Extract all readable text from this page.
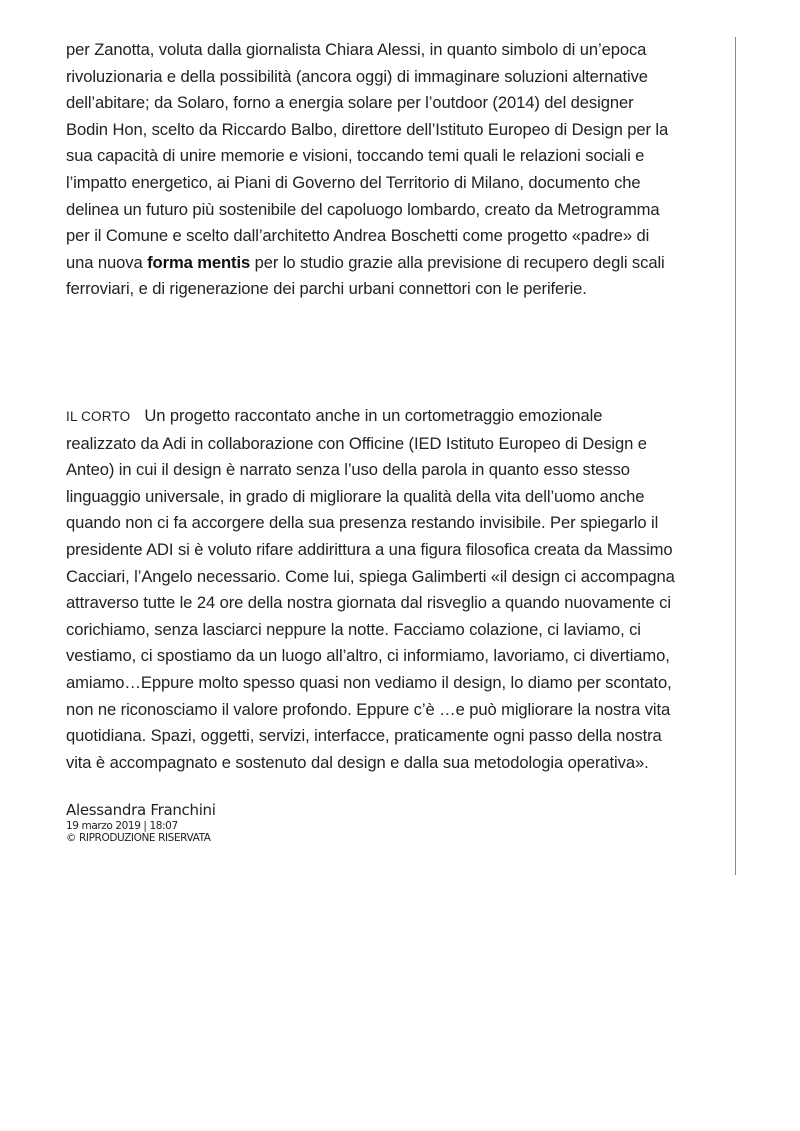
per Zanotta, voluta dalla giornalista Chiara Alessi, in quanto simbolo di un’epoca
rivoluzionaria e della possibilità (ancora oggi) di immaginare soluzioni alternative
dell’abitare; da Solaro, forno a energia solare per l’outdoor (2014) del designer
Bodin Hon, scelto da Riccardo Balbo, direttore dell’Istituto Europeo di Design per la
sua capacità di unire memorie e visioni, toccando temi quali le relazioni sociali e
l’impatto energetico, ai Piani di Governo del Territorio di Milano, documento che
delinea un futuro più sostenibile del capoluogo lombardo, creato da Metrogramma
per il Comune e scelto dall’architetto Andrea Boschetti come progetto «padre» di
una nuova forma mentis per lo studio grazie alla previsione di recupero degli scali
ferroviari, e di rigenerazione dei parchi urbani connettori con le periferie.
IL CORTO Un progetto raccontato anche in un cortometraggio emozionale
realizzato da Adi in collaborazione con Officine (IED Istituto Europeo di Design e
Anteo) in cui il design è narrato senza l’uso della parola in quanto esso stesso
linguaggio universale, in grado di migliorare la qualità della vita dell’uomo anche
quando non ci fa accorgere della sua presenza restando invisibile. Per spiegarlo il
presidente ADI si è voluto rifare addirittura a una figura filosofica creata da Massimo
Cacciari, l’Angelo necessario. Come lui, spiega Galimberti «il design ci accompagna
attraverso tutte le 24 ore della nostra giornata dal risveglio a quando nuovamente ci
corichiamo, senza lasciarci neppure la notte. Facciamo colazione, ci laviamo, ci
vestiamo, ci spostiamo da un luogo all’altro, ci informiamo, lavoriamo, ci divertiamo,
amiamo…Eppure molto spesso quasi non vediamo il design, lo diamo per scontato,
non ne riconosciamo il valore profondo. Eppure c’è …e può migliorare la nostra vita
quotidiana. Spazi, oggetti, servizi, interfacce, praticamente ogni passo della nostra
vita è accompagnato e sostenuto dal design e dalla sua metodologia operativa».
Alessandra Franchini
19 marzo 2019 | 18:07
© RIPRODUZIONE RISERVATA
